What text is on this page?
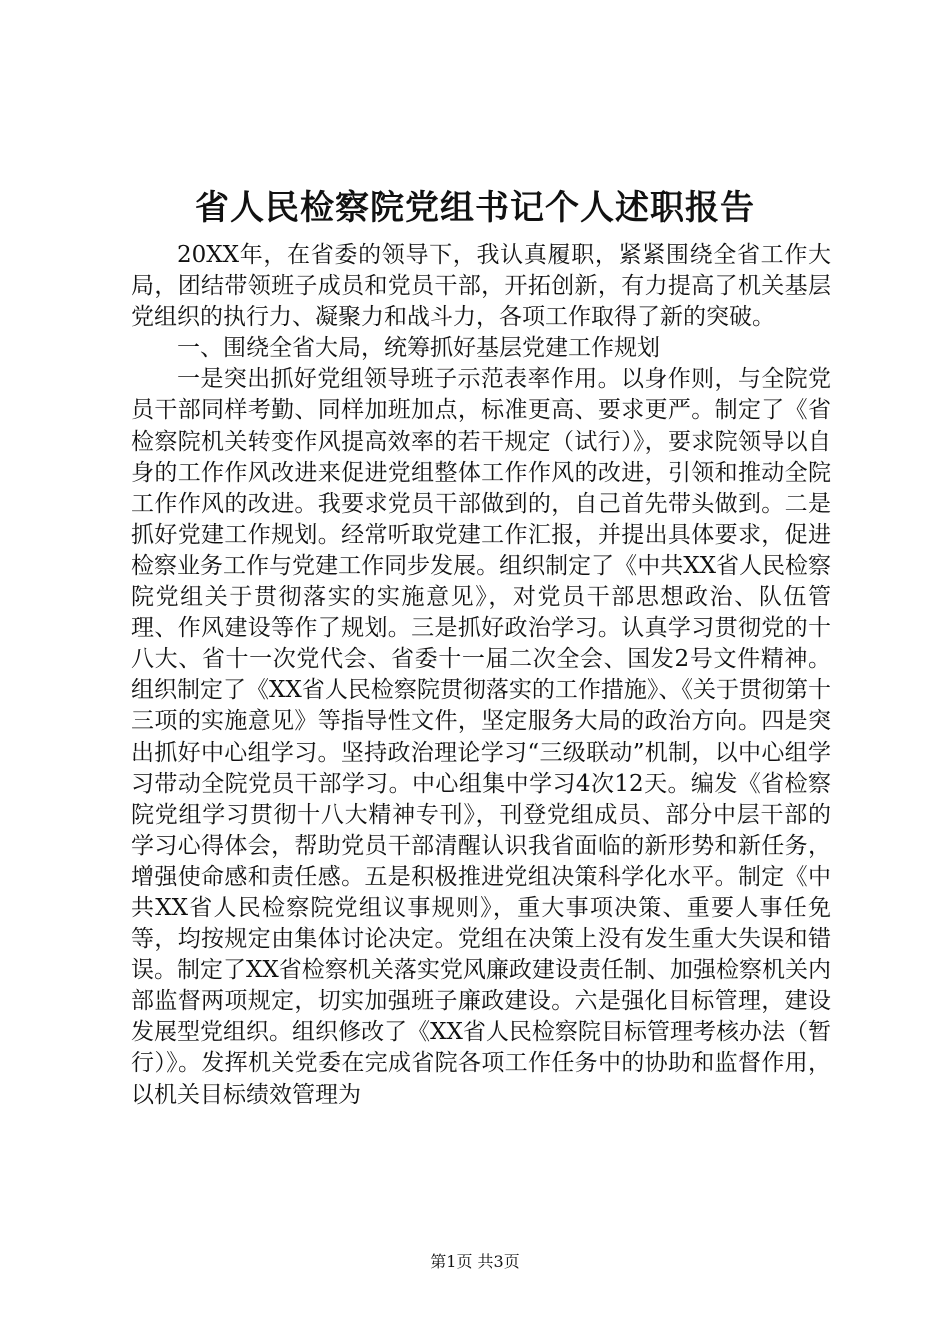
省人民检察院党组书记个人述职报告

20XX年，在省委的领导下，我认真履职，紧紧围绕全省工作大局，团结带领班子成员和党员干部，开拓创新，有力提高了机关基层党组织的执行力、凝聚力和战斗力，各项工作取得了新的突破。

一、围绕全省大局，统筹抓好基层党建工作规划

一是突出抓好党组领导班子示范表率作用。以身作则，与全院党员干部同样考勤、同样加班加点，标准更高、要求更严。制定了《省检察院机关转变作风提高效率的若干规定（试行）》，要求院领导以自身的工作作风改进来促进党组整体工作作风的改进，引领和推动全院工作作风的改进。我要求党员干部做到的，自己首先带头做到。二是抓好党建工作规划。经常听取党建工作汇报，并提出具体要求，促进检察业务工作与党建工作同步发展。组织制定了《中共XX省人民检察院党组关于贯彻落实的实施意见》，对党员干部思想政治、队伍管理、作风建设等作了规划。三是抓好政治学习。认真学习贯彻党的十八大、省十一次党代会、省委十一届二次全会、国发2号文件精神。组织制定了《XX省人民检察院贯彻落实的工作措施》、《关于贯彻第十三项的实施意见》等指导性文件，坚定服务大局的政治方向。四是突出抓好中心组学习。坚持政治理论学习“三级联动”机制，以中心组学习带动全院党员干部学习。中心组集中学习4次12天。编发《省检察院党组学习贯彻十八大精神专刊》，刊登党组成员、部分中层干部的学习心得体会，帮助党员干部清醒认识我省面临的新形势和新任务，增强使命感和责任感。五是积极推进党组决策科学化水平。制定《中共XX省人民检察院党组议事规则》，重大事项决策、重要人事任免等，均按规定由集体讨论决定。党组在决策上没有发生重大失误和错误。制定了XX省检察机关落实党风廉政建设责任制、加强检察机关内部监督两项规定，切实加强班子廉政建设。六是强化目标管理，建设发展型党组织。组织修改了《XX省人民检察院目标管理考核办法（暂行）》。发挥机关党委在完成省院各项工作任务中的协助和监督作用，以机关目标绩效管理为

第1页 共3页
